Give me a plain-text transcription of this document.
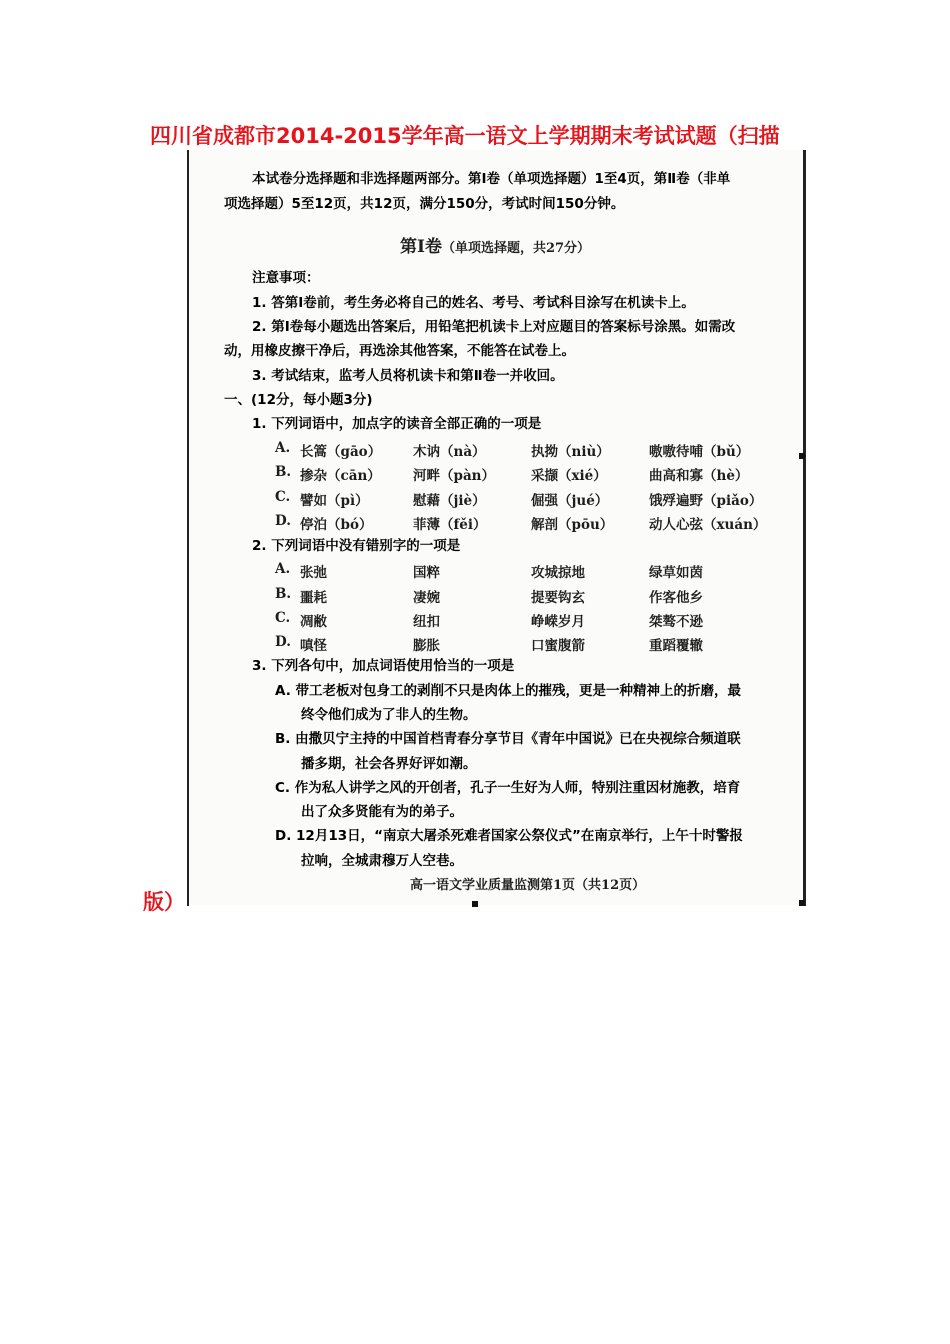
四川省成都市2014-2015学年高一语文上学期期末考试试题（扫描
版）
本试卷分选择题和非选择题两部分。第Ⅰ卷（单项选择题）1至4页，第Ⅱ卷（非单
项选择题）5至12页，共12页，满分150分，考试时间150分钟。
第Ⅰ卷（单项选择题，共27分）
注意事项：
1. 答第Ⅰ卷前，考生务必将自己的姓名、考号、考试科目涂写在机读卡上。
2. 第Ⅰ卷每小题选出答案后，用铅笔把机读卡上对应题目的答案标号涂黑。如需改
动，用橡皮擦干净后，再选涂其他答案，不能答在试卷上。
3. 考试结束，监考人员将机读卡和第Ⅱ卷一并收回。
一、(12分，每小题3分)
1. 下列词语中，加点字的读音全部正确的一项是
A. 长篙（gāo） 木讷（nà）	执拗（niù）	嗷嗷待哺（bǔ）
B. 掺杂（cān） 河畔（pàn）	采撷（xié）	曲高和寡（hè）
C. 譬如（pì）	慰藉（jiè）	倔强（jué）	饿殍遍野（piǎo）
D. 停泊（bó）	菲薄（fěi）	解剖（pōu）	动人心弦（xuán）
2. 下列词语中没有错别字的一项是
A. 张弛	国粹	攻城掠地	绿草如茵
B. 噩耗	凄婉	提要钩玄	作客他乡
C. 凋敝	纽扣	峥嵘岁月	桀骜不逊
D. 嗔怪	膨胀	口蜜腹箭	重蹈覆辙
3. 下列各句中，加点词语使用恰当的一项是
A. 带工老板对包身工的剥削不只是肉体上的摧残，更是一种精神上的折磨，最
终令他们成为了非人的生物。
B. 由撒贝宁主持的中国首档青春分享节目《青年中国说》已在央视综合频道联
播多期，社会各界好评如潮。
C. 作为私人讲学之风的开创者，孔子一生好为人师，特别注重因材施教，培育
出了众多贤能有为的弟子。
D. 12月13日，“南京大屠杀死难者国家公祭仪式”在南京举行，上午十时警报
拉响，全城肃穆万人空巷。
高一语文学业质量监测第1页（共12页）
